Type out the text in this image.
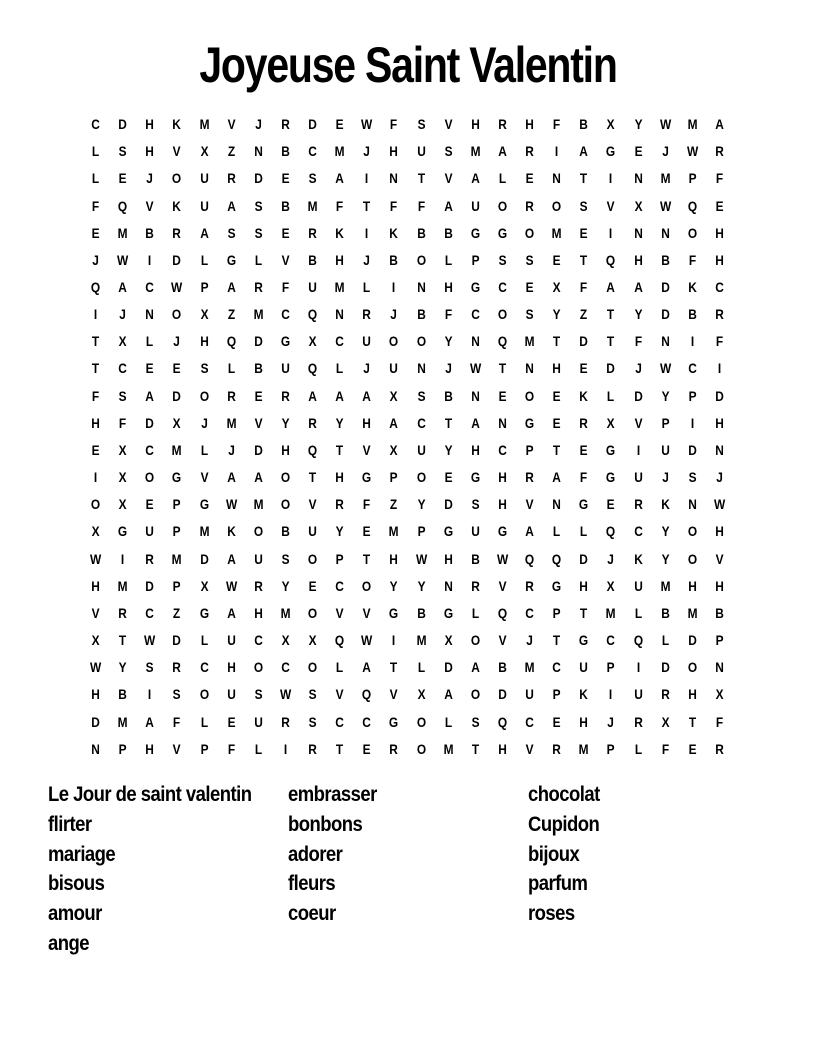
Joyeuse Saint Valentin
C	D	H	K	M	V	J	R	D	E	W	F	S	V	H	R	H	F	B	X	Y	W	M	A
L	S	H	V	X	Z	N	B	C	M	J	H	U	S	M	A	R	I	A	G	E	J	W	R
L	E	J	O	U	R	D	E	S	A	I	N	T	V	A	L	E	N	T	I	N	M	P	F
F	Q	V	K	U	A	S	B	M	F	T	F	F	A	U	O	R	O	S	V	X	W	Q	E
E	M	B	R	A	S	S	E	R	K	I	K	B	B	G	G	O	M	E	I	N	N	O	H
J	W	I	D	L	G	L	V	B	H	J	B	O	L	P	S	S	E	T	Q	H	B	F	H
Q	A	C	W	P	A	R	F	U	M	L	I	N	H	G	C	E	X	F	A	A	D	K	C
I	J	N	O	X	Z	M	C	Q	N	R	J	B	F	C	O	S	Y	Z	T	Y	D	B	R
T	X	L	J	H	Q	D	G	X	C	U	O	O	Y	N	Q	M	T	D	T	F	N	I	F
T	C	E	E	S	L	B	U	Q	L	J	U	N	J	W	T	N	H	E	D	J	W	C	I
F	S	A	D	O	R	E	R	A	A	A	X	S	B	N	E	O	E	K	L	D	Y	P	D
H	F	D	X	J	M	V	Y	R	Y	H	A	C	T	A	N	G	E	R	X	V	P	I	H
E	X	C	M	L	J	D	H	Q	T	V	X	U	Y	H	C	P	T	E	G	I	U	D	N
I	X	O	G	V	A	A	O	T	H	G	P	O	E	G	H	R	A	F	G	U	J	S	J
O	X	E	P	G	W	M	O	V	R	F	Z	Y	D	S	H	V	N	G	E	R	K	N	W
X	G	U	P	M	K	O	B	U	Y	E	M	P	G	U	G	A	L	L	Q	C	Y	O	H
W	I	R	M	D	A	U	S	O	P	T	H	W	H	B	W	Q	Q	D	J	K	Y	O	V
H	M	D	P	X	W	R	Y	E	C	O	Y	Y	N	R	V	R	G	H	X	U	M	H	H
V	R	C	Z	G	A	H	M	O	V	V	G	B	G	L	Q	C	P	T	M	L	B	M	B
X	T	W	D	L	U	C	X	X	Q	W	I	M	X	O	V	J	T	G	C	Q	L	D	P
W	Y	S	R	C	H	O	C	O	L	A	T	L	D	A	B	M	C	U	P	I	D	O	N
H	B	I	S	O	U	S	W	S	V	Q	V	X	A	O	D	U	P	K	I	U	R	H	X
D	M	A	F	L	E	U	R	S	C	C	G	O	L	S	Q	C	E	H	J	R	X	T	F
N	P	H	V	P	F	L	I	R	T	E	R	O	M	T	H	V	R	M	P	L	F	E	R
Le Jour de saint valentin
flirter
mariage
bisous
amour
ange
embrasser
bonbons
adorer
fleurs
coeur
chocolat
Cupidon
bijoux
parfum
roses
